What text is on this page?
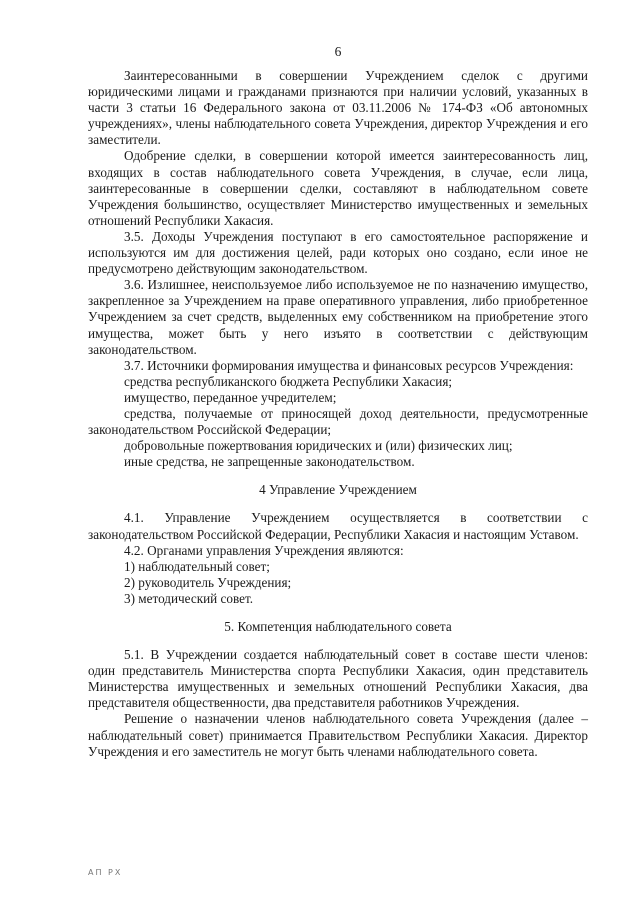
6

Заинтересованными в совершении Учреждением сделок с другими юридическими лицами и гражданами признаются при наличии условий, указанных в части 3 статьи 16 Федерального закона от 03.11.2006 № 174-ФЗ «Об автономных учреждениях», члены наблюдательного совета Учреждения, директор Учреждения и его заместители.

Одобрение сделки, в совершении которой имеется заинтересованность лиц, входящих в состав наблюдательного совета Учреждения, в случае, если лица, заинтересованные в совершении сделки, составляют в наблюдательном совете Учреждения большинство, осуществляет Министерство имущественных и земельных отношений Республики Хакасия.

3.5. Доходы Учреждения поступают в его самостоятельное распоряжение и используются им для достижения целей, ради которых оно создано, если иное не предусмотрено действующим законодательством.

3.6. Излишнее, неиспользуемое либо используемое не по назначению имущество, закрепленное за Учреждением на праве оперативного управления, либо приобретенное Учреждением за счет средств, выделенных ему собственником на приобретение этого имущества, может быть у него изъято в соответствии с действующим законодательством.

3.7. Источники формирования имущества и финансовых ресурсов Учреждения:

средства республиканского бюджета Республики Хакасия;

имущество, переданное учредителем;

средства, получаемые от приносящей доход деятельности, предусмотренные законодательством Российской Федерации;

добровольные пожертвования юридических и (или) физических лиц;

иные средства, не запрещенные законодательством.

4 Управление Учреждением

4.1. Управление Учреждением осуществляется в соответствии с законодательством Российской Федерации, Республики Хакасия и настоящим Уставом.

4.2. Органами управления Учреждения являются:

1) наблюдательный совет;

2) руководитель Учреждения;

3) методический совет.

5. Компетенция наблюдательного совета

5.1. В Учреждении создается наблюдательный совет в составе шести членов: один представитель Министерства спорта Республики Хакасия, один представитель Министерства имущественных и земельных отношений Республики Хакасия, два представителя общественности, два представителя работников Учреждения.

Решение о назначении членов наблюдательного совета Учреждения (далее – наблюдательный совет) принимается Правительством Республики Хакасия. Директор Учреждения и его заместитель не могут быть членами наблюдательного совета.

АП РХ
